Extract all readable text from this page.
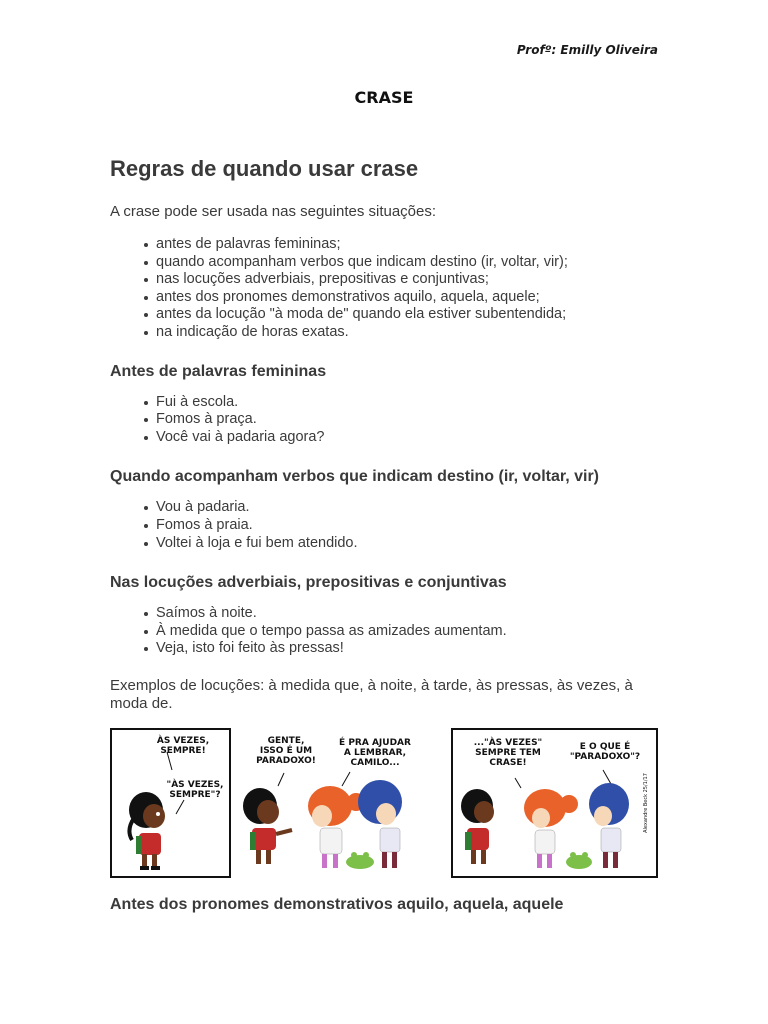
Profº: Emilly Oliveira
CRASE
Regras de quando usar crase

A crase pode ser usada nas seguintes situações:

antes de palavras femininas;
quando acompanham verbos que indicam destino (ir, voltar, vir);
nas locuções adverbiais, prepositivas e conjuntivas;
antes dos pronomes demonstrativos aquilo, aquela, aquele;
antes da locução "à moda de" quando ela estiver subentendida;
na indicação de horas exatas.
Antes de palavras femininas
Fui à escola.
Fomos à praça.
Você vai à padaria agora?
Quando acompanham verbos que indicam destino (ir, voltar, vir)
Vou à padaria.
Fomos à praia.
Voltei à loja e fui bem atendido.
Nas locuções adverbiais, prepositivas e conjuntivas
Saímos à noite.
À medida que o tempo passa as amizades aumentam.
Veja, isto foi feito às pressas!

Exemplos de locuções: à medida que, à noite, à tarde, às pressas, às vezes, à moda de.

ÀS VEZES,
SEMPRE!
"ÀS VEZES,
SEMPRE"?
GENTE,
ISSO É UM
PARADOXO!
É PRA AJUDAR
A LEMBRAR,
CAMILO...
..."ÀS VEZES"
SEMPRE TEM
CRASE!
E O QUE É
"PARADOXO"?
Alexandre Beck 25/1/17
Antes dos pronomes demonstrativos aquilo, aquela, aquele
